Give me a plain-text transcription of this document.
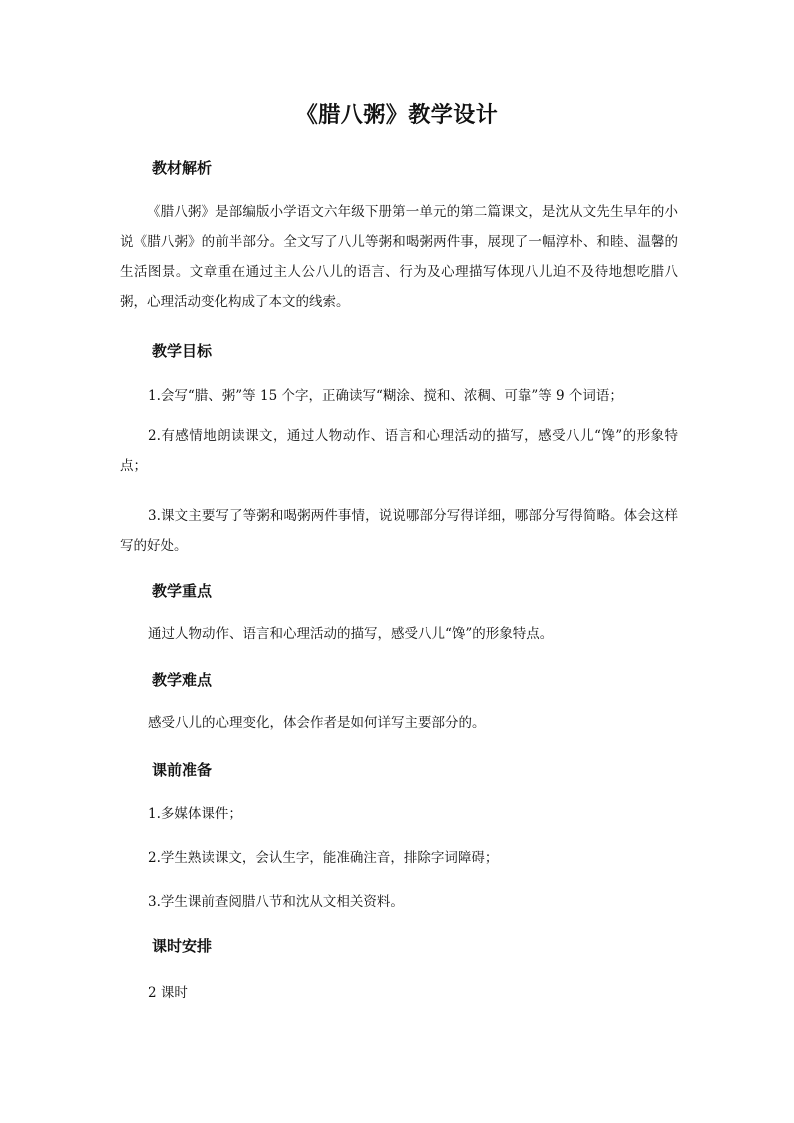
《腊八粥》教学设计
教材解析

《腊八粥》是部编版小学语文六年级下册第一单元的第二篇课文，是沈从文先生早年的小说《腊八粥》的前半部分。全文写了八儿等粥和喝粥两件事，展现了一幅淳朴、和睦、温馨的生活图景。文章重在通过主人公八儿的语言、行为及心理描写体现八儿迫不及待地想吃腊八粥，心理活动变化构成了本文的线索。

教学目标
1.会写“腊、粥”等 15 个字，正确读写“糊涂、搅和、浓稠、可靠”等 9 个词语；

2.有感情地朗读课文，通过人物动作、语言和心理活动的描写，感受八儿“馋”的形象特点；

3.课文主要写了等粥和喝粥两件事情，说说哪部分写得详细，哪部分写得简略。体会这样写的好处。

教学重点
通过人物动作、语言和心理活动的描写，感受八儿“馋”的形象特点。
教学难点
感受八儿的心理变化，体会作者是如何详写主要部分的。
课前准备
1.多媒体课件；
2.学生熟读课文，会认生字，能准确注音，排除字词障碍；
3.学生课前查阅腊八节和沈从文相关资料。
课时安排
2 课时
